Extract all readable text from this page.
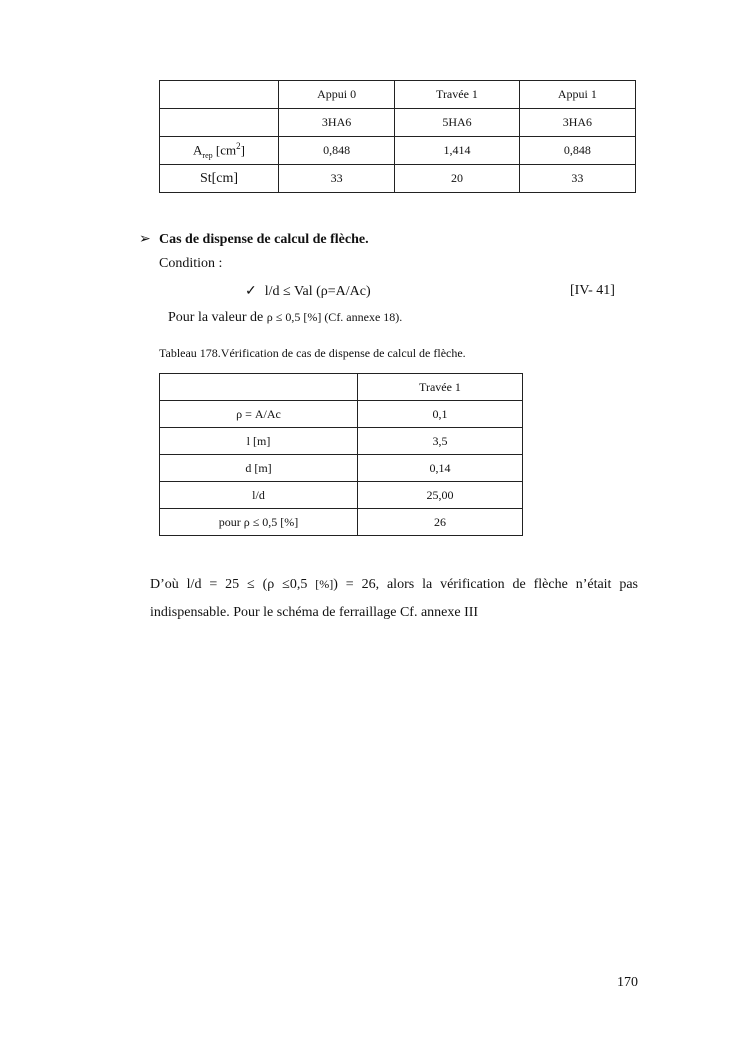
	Appui 0	Travée 1	Appui 1
	3HA6	5HA6	3HA6
$A_{rep}$ $[cm^2]$	0,848	1,414	0,848
St[cm]	33	20	33
➢ Cas de dispense de calcul de flèche.
Condition :
✓ l/d ≤ Val (ρ=A/Ac)	[IV- 41]
Pour la valeur de ρ ≤ 0,5 [%] (Cf. annexe 18).
Tableau 178.Vérification de cas de dispense de calcul de flèche.
	Travée 1
ρ = A/Ac	0,1
l [m]	3,5
d [m]	0,14
l/d	25,00
pour ρ ≤ 0,5 [%]	26
D’où l/d = 25 ≤ (ρ ≤0,5 [%]) = 26, alors la vérification de flèche n’était pas indispensable. Pour le schéma de ferraillage Cf. annexe III
170
